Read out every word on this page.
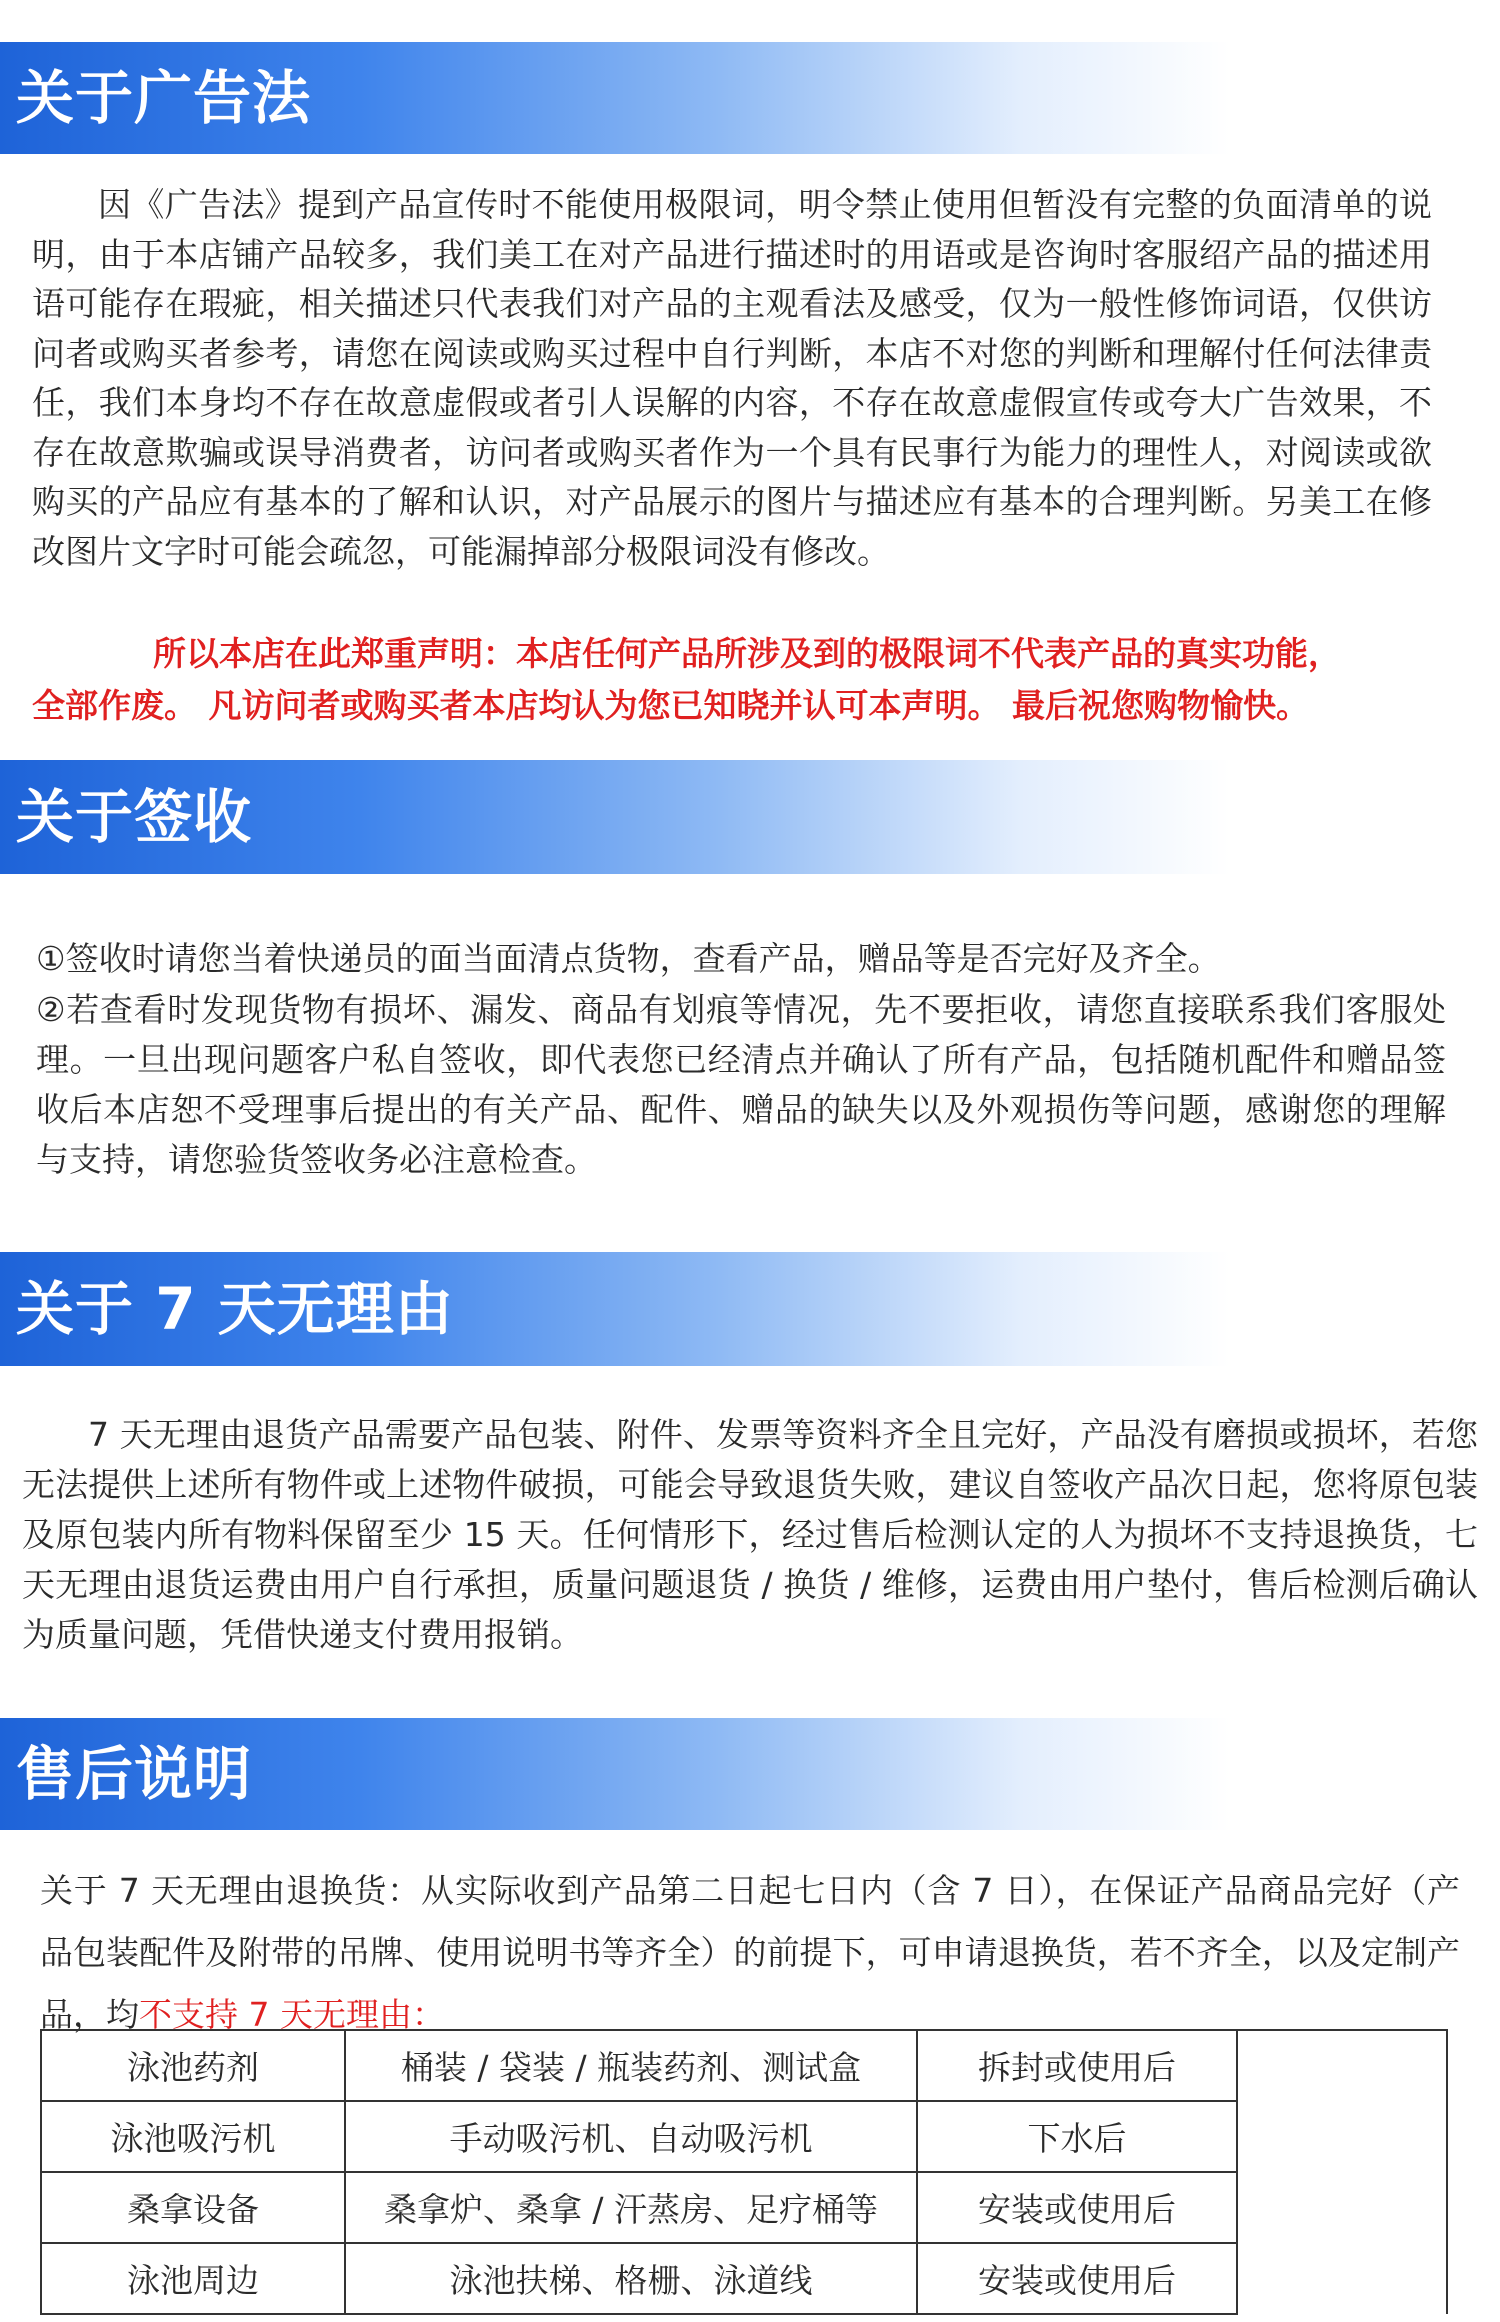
关于广告法

因《广告法》提到产品宣传时不能使用极限词，明令禁止使用但暂没有完整的负面清单的说明，由于本店铺产品较多，我们美工在对产品进行描述时的用语或是咨询时客服绍产品的描述用语可能存在瑕疵，相关描述只代表我们对产品的主观看法及感受，仅为一般性修饰词语，仅供访问者或购买者参考，请您在阅读或购买过程中自行判断，本店不对您的判断和理解付任何法律责任，我们本身均不存在故意虚假或者引人误解的内容，不存在故意虚假宣传或夸大广告效果，不存在故意欺骗或误导消费者，访问者或购买者作为一个具有民事行为能力的理性人，对阅读或欲购买的产品应有基本的了解和认识，对产品展示的图片与描述应有基本的合理判断。另美工在修改图片文字时可能会疏忽，可能漏掉部分极限词没有修改。

所以本店在此郑重声明：本店任何产品所涉及到的极限词不代表产品的真实功能，
全部作废。 凡访问者或购买者本店均认为您已知晓并认可本声明。 最后祝您购物愉快。

关于签收

①签收时请您当着快递员的面当面清点货物，查看产品，赠品等是否完好及齐全。

②若查看时发现货物有损坏、漏发、商品有划痕等情况，先不要拒收，请您直接联系我们客服处理。一旦出现问题客户私自签收，即代表您已经清点并确认了所有产品，包括随机配件和赠品签收后本店恕不受理事后提出的有关产品、配件、赠品的缺失以及外观损伤等问题，感谢您的理解与支持，请您验货签收务必注意检查。

关于 7 天无理由

7 天无理由退货产品需要产品包装、附件、发票等资料齐全且完好，产品没有磨损或损坏，若您无法提供上述所有物件或上述物件破损，可能会导致退货失败，建议自签收产品次日起，您将原包装及原包装内所有物料保留至少 15 天。任何情形下，经过售后检测认定的人为损坏不支持退换货，七天无理由退货运费由用户自行承担，质量问题退货 / 换货 / 维修，运费由用户垫付，售后检测后确认为质量问题，凭借快递支付费用报销。

售后说明

关于 7 天无理由退换货：从实际收到产品第二日起七日内（含 7 日），在保证产品商品完好（产品包装配件及附带的吊牌、使用说明书等齐全）的前提下，可申请退换货，若不齐全，以及定制产品，均不支持 7 天无理由：

泳池药剂	桶装 / 袋装 / 瓶装药剂、测试盒	拆封或使用后	
泳池吸污机	手动吸污机、自动吸污机	下水后	
桑拿设备	桑拿炉、桑拿 / 汗蒸房、足疗桶等	安装或使用后	
泳池周边	泳池扶梯、格栅、泳道线	安装或使用后	
